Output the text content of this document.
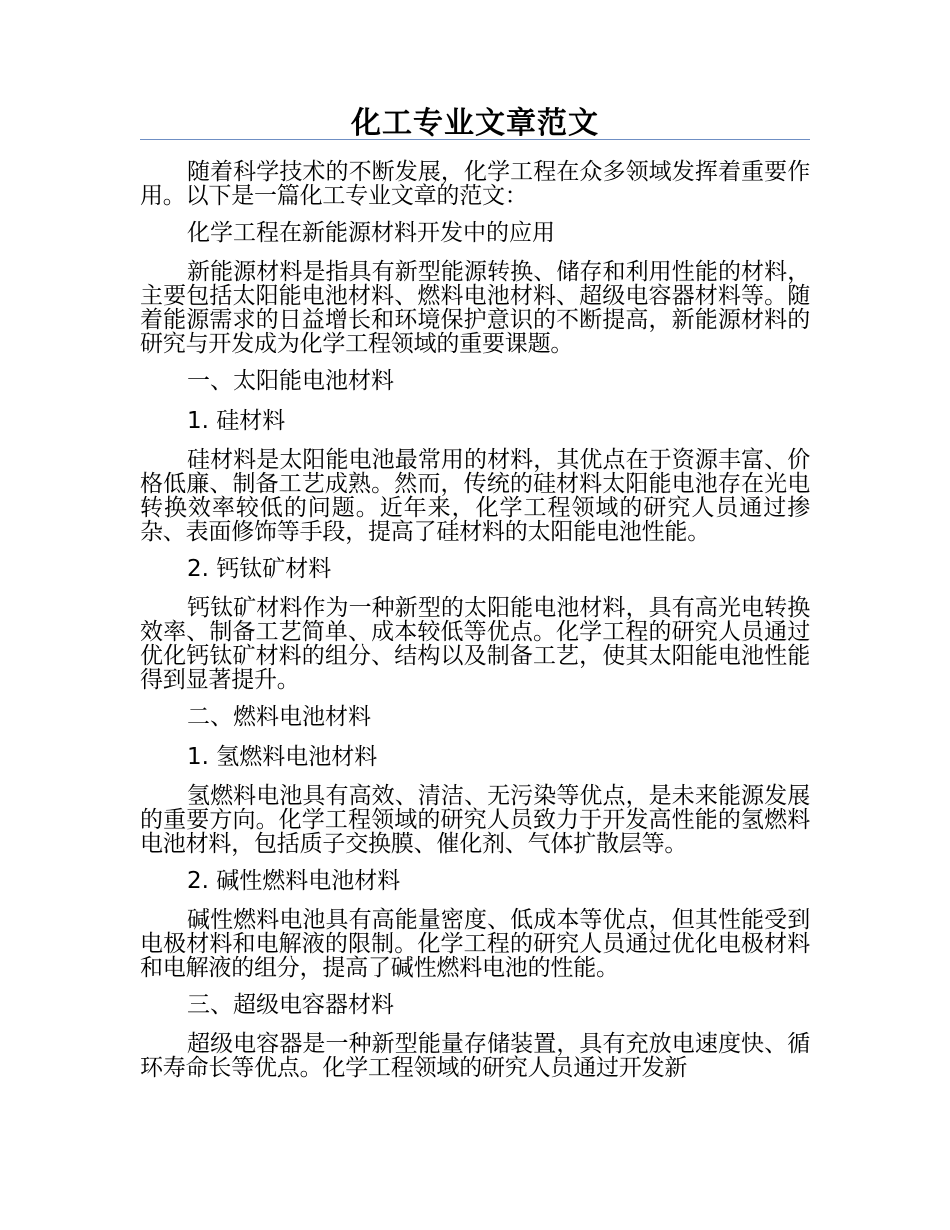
化工专业文章范文

随着科学技术的不断发展，化学工程在众多领域发挥着重要作用。以下是一篇化工专业文章的范文：

化学工程在新能源材料开发中的应用

新能源材料是指具有新型能源转换、储存和利用性能的材料，主要包括太阳能电池材料、燃料电池材料、超级电容器材料等。随着能源需求的日益增长和环境保护意识的不断提高，新能源材料的研究与开发成为化学工程领域的重要课题。

一、太阳能电池材料

1. 硅材料

硅材料是太阳能电池最常用的材料，其优点在于资源丰富、价格低廉、制备工艺成熟。然而，传统的硅材料太阳能电池存在光电转换效率较低的问题。近年来，化学工程领域的研究人员通过掺杂、表面修饰等手段，提高了硅材料的太阳能电池性能。

2. 钙钛矿材料

钙钛矿材料作为一种新型的太阳能电池材料，具有高光电转换效率、制备工艺简单、成本较低等优点。化学工程的研究人员通过优化钙钛矿材料的组分、结构以及制备工艺，使其太阳能电池性能得到显著提升。

二、燃料电池材料

1. 氢燃料电池材料

氢燃料电池具有高效、清洁、无污染等优点，是未来能源发展的重要方向。化学工程领域的研究人员致力于开发高性能的氢燃料电池材料，包括质子交换膜、催化剂、气体扩散层等。

2. 碱性燃料电池材料

碱性燃料电池具有高能量密度、低成本等优点，但其性能受到电极材料和电解液的限制。化学工程的研究人员通过优化电极材料和电解液的组分，提高了碱性燃料电池的性能。

三、超级电容器材料

超级电容器是一种新型能量存储装置，具有充放电速度快、循环寿命长等优点。化学工程领域的研究人员通过开发新
